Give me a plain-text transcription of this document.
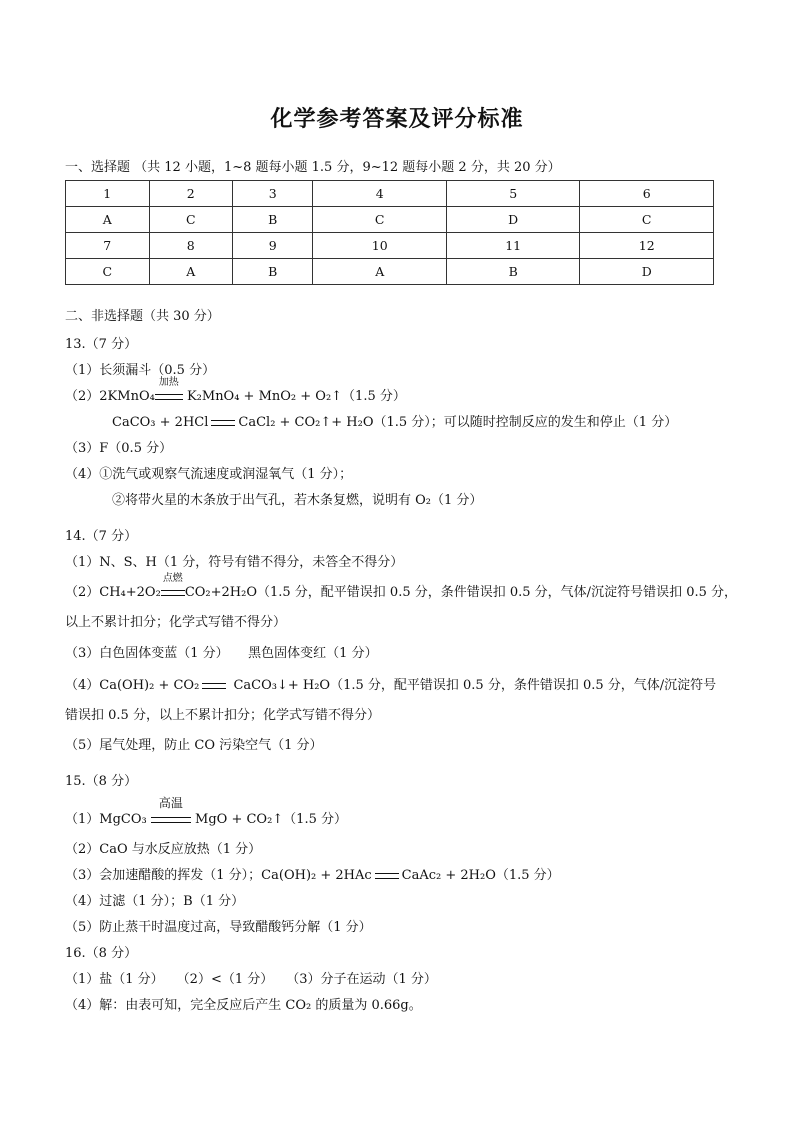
化学参考答案及评分标准
一、选择题 （共 12 小题，1~8 题每小题 1.5 分，9~12 题每小题 2 分，共 20 分）
1	2	3	4	5	6
A	C	B	C	D	C
7	8	9	10	11	12
C	A	B	A	B	D
二、非选择题（共 30 分）
13.（7 分）
（1）长须漏斗（0.5 分）
（2）2KMnO₄
加热
K₂MnO₄ + MnO₂ + O₂↑（1.5 分）
CaCO₃ + 2HCl CaCl₂ + CO₂↑+ H₂O（1.5 分）；可以随时控制反应的发生和停止（1 分）
（3）F（0.5 分）
（4）①洗气或观察气流速度或润湿氧气（1 分）；
②将带火星的木条放于出气孔，若木条复燃，说明有 O₂（1 分）
14.（7 分）
（1）N、S、H（1 分，符号有错不得分，未答全不得分）
（2）CH₄+2O₂
点燃
CO₂+2H₂O（1.5 分，配平错误扣 0.5 分，条件错误扣 0.5 分，气体/沉淀符号错误扣 0.5 分，
以上不累计扣分；化学式写错不得分）
（3）白色固体变蓝（1 分）　　黑色固体变红（1 分）
（4）Ca(OH)₂ + CO₂	CaCO₃↓+ H₂O（1.5 分，配平错误扣 0.5 分，条件错误扣 0.5 分，气体/沉淀符号
错误扣 0.5 分，以上不累计扣分；化学式写错不得分）
（5）尾气处理，防止 CO 污染空气（1 分）
15.（8 分）
（1）MgCO₃
高温
MgO + CO₂↑（1.5 分）
（2）CaO 与水反应放热（1 分）
（3）会加速醋酸的挥发（1 分）；Ca(OH)₂ + 2HAc CaAc₂ + 2H₂O（1.5 分）
（4）过滤（1 分）；B（1 分）
（5）防止蒸干时温度过高，导致醋酸钙分解（1 分）
16.（8 分）
（1）盐（1 分）　　（2）<（1 分）　　（3）分子在运动（1 分）
（4）解：由表可知，完全反应后产生 CO₂ 的质量为 0.66g。
